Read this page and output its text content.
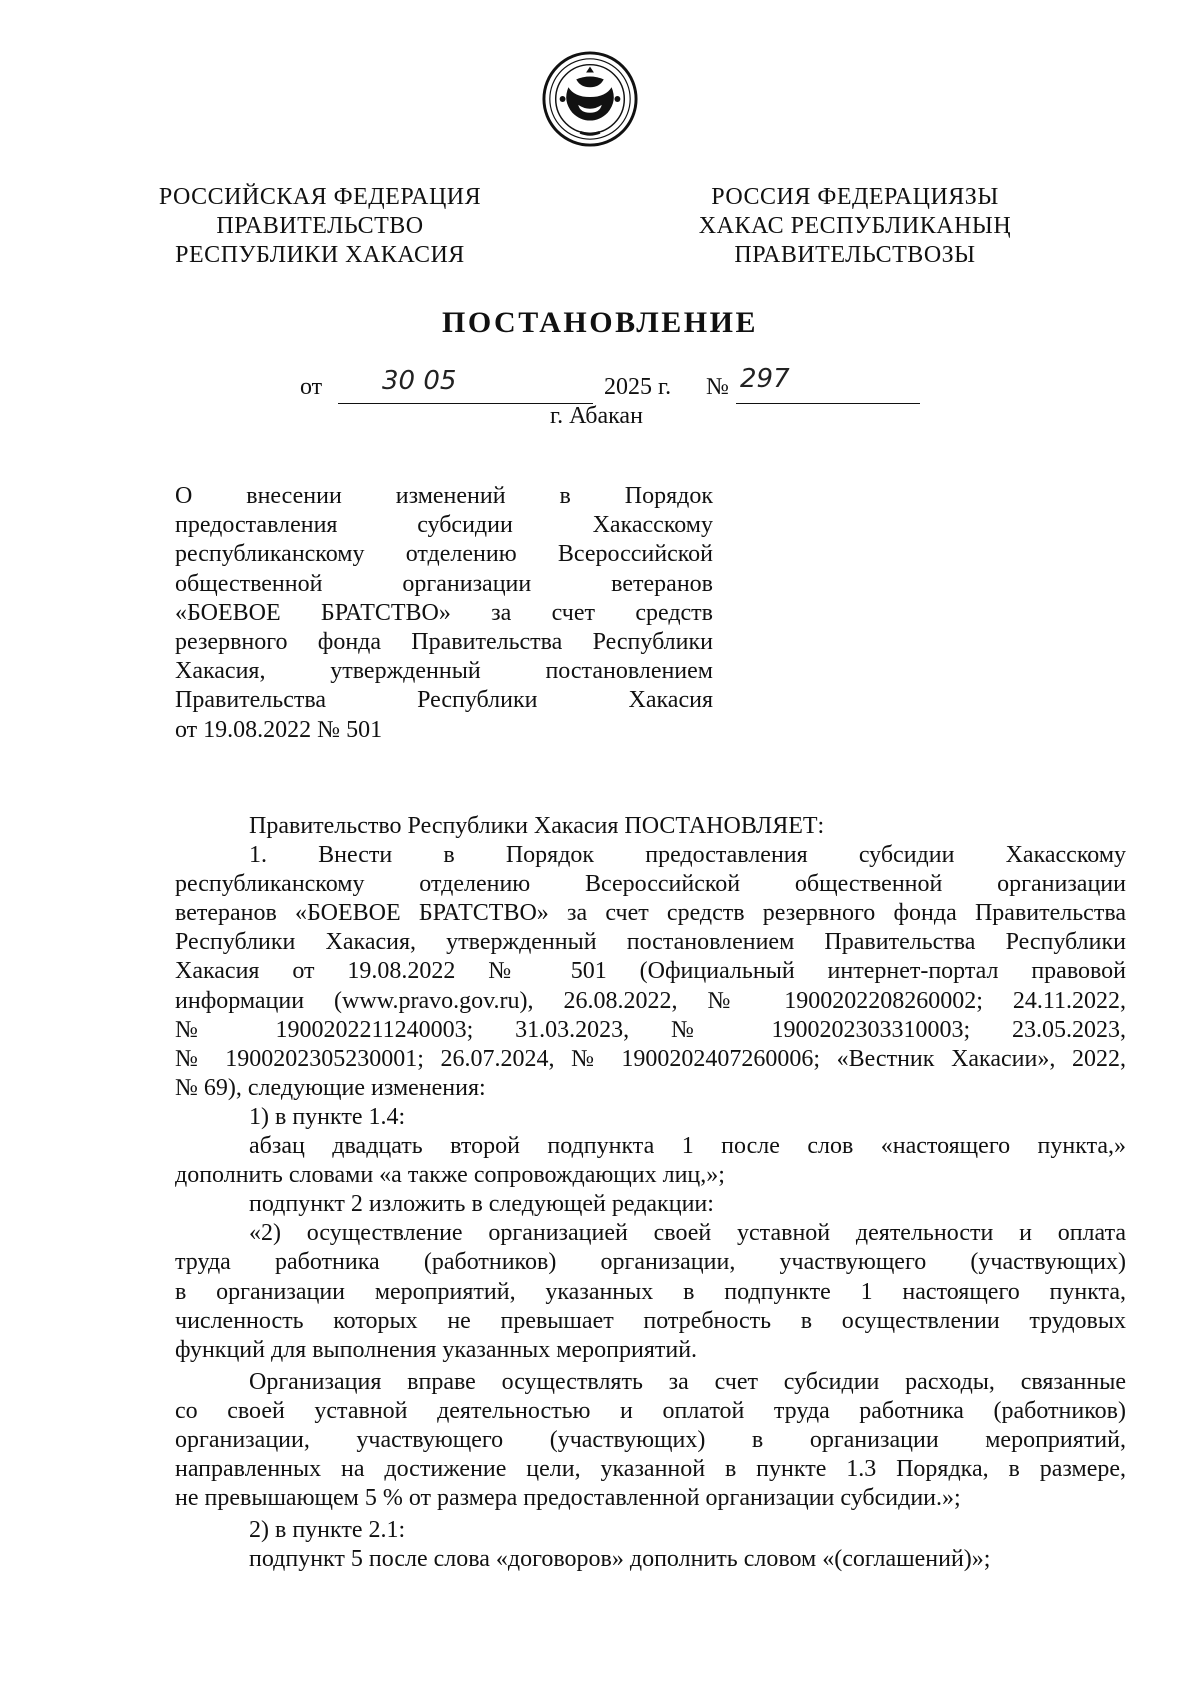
РОССИЙСКАЯ ФЕДЕРАЦИЯ
ПРАВИТЕЛЬСТВО
РЕСПУБЛИКИ ХАКАСИЯ
РОССИЯ ФЕДЕРАЦИЯЗЫ
ХАКАС РЕСПУБЛИКАНЫҢ
ПРАВИТЕЛЬСТВОЗЫ
ПОСТАНОВЛЕНИЕ
от 30 05	2025 г. № 297
г. Абакан
О внесении изменений в Порядок
предоставления субсидии Хакасскому
республиканскому отделению Всероссийской
общественной организации ветеранов
«БОЕВОЕ БРАТСТВО» за счет средств
резервного фонда Правительства Республики
Хакасия, утвержденный постановлением
Правительства Республики Хакасия
от 19.08.2022 № 501

Правительство Республики Хакасия ПОСТАНОВЛЯЕТ:

1. Внести в Порядок предоставления субсидии Хакасскому
республиканскому отделению Всероссийской общественной организации
ветеранов «БОЕВОЕ БРАТСТВО» за счет средств резервного фонда Правительства
Республики Хакасия, утвержденный постановлением Правительства Республики
Хакасия от 19.08.2022 № 501 (Официальный интернет-портал правовой
информации (www.pravo.gov.ru), 26.08.2022, № 1900202208260002; 24.11.2022,
№ 1900202211240003; 31.03.2023, № 1900202303310003; 23.05.2023,
№ 1900202305230001; 26.07.2024, № 1900202407260006; «Вестник Хакасии», 2022,
№ 69), следующие изменения:

1) в пункте 1.4:

абзац двадцать второй подпункта 1 после слов «настоящего пункта,»
дополнить словами «а также сопровождающих лиц,»;

подпункт 2 изложить в следующей редакции:

«2) осуществление организацией своей уставной деятельности и оплата
труда работника (работников) организации, участвующего (участвующих)
в организации мероприятий, указанных в подпункте 1 настоящего пункта,
численность которых не превышает потребность в осуществлении трудовых
функций для выполнения указанных мероприятий.
Организация вправе осуществлять за счет субсидии расходы, связанные
со своей уставной деятельностью и оплатой труда работника (работников)
организации, участвующего (участвующих) в организации мероприятий,
направленных на достижение цели, указанной в пункте 1.3 Порядка, в размере,
не превышающем 5 % от размера предоставленной организации субсидии.»;

2) в пункте 2.1:

подпункт 5 после слова «договоров» дополнить словом «(соглашений)»;
